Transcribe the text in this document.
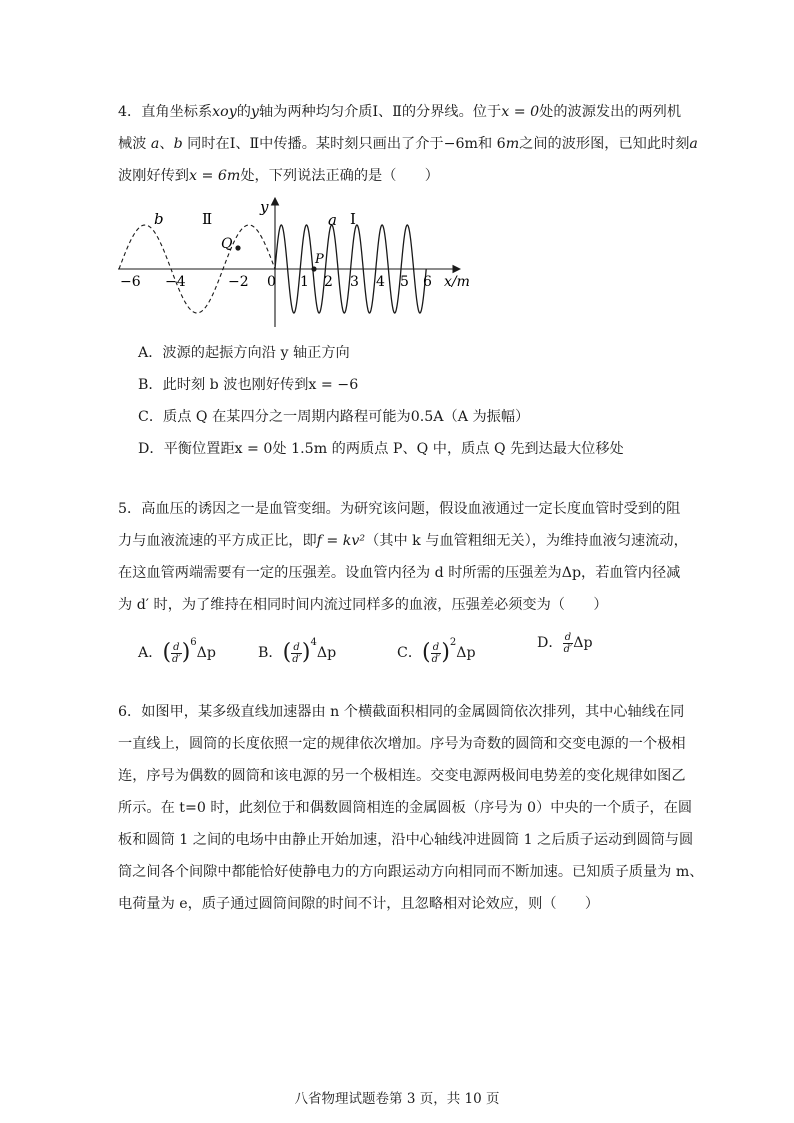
4．直角坐标系xoy的y轴为两种均匀介质Ⅰ、Ⅱ的分界线。位于x = 0处的波源发出的两列机
械波 a、b 同时在Ⅰ、Ⅱ中传播。某时刻只画出了介于−6m和 6m之间的波形图，已知此时刻a
波刚好传到x = 6m处，下列说法正确的是（　　）
y
x/m
0
−6 −4	−2	1 2 3 4 5 6
b	Ⅱ	a Ⅰ
Q
P
A．波源的起振方向沿 y 轴正方向
B．此时刻 b 波也刚好传到x = −6
C．质点 Q 在某四分之一周期内路程可能为0.5A（A 为振幅）
D．平衡位置距x = 0处 1.5m 的两质点 P、Q 中，质点 Q 先到达最大位移处
5．高血压的诱因之一是血管变细。为研究该问题，假设血液通过一定长度血管时受到的阻
力与血液流速的平方成正比，即f = kv²（其中 k 与血管粗细无关），为维持血液匀速流动，
在这血管两端需要有一定的压强差。设血管内径为 d 时所需的压强差为Δp，若血管内径减
为 d′ 时，为了维持在相同时间内流过同样多的血液，压强差必须变为（　　）
A．( $\frac{d}{d'} )^6\Delta p$	B．( $\frac{d}{d'} )^4\Delta p$	C．( $\frac{d}{d'} )^2\Delta p$
D． $\frac{d}{d'}$ Δp
6．如图甲，某多级直线加速器由 n 个横截面积相同的金属圆筒依次排列，其中心轴线在同
一直线上，圆筒的长度依照一定的规律依次增加。序号为奇数的圆筒和交变电源的一个极相
连，序号为偶数的圆筒和该电源的另一个极相连。交变电源两极间电势差的变化规律如图乙
所示。在 t=0 时，此刻位于和偶数圆筒相连的金属圆板（序号为 0）中央的一个质子，在圆
板和圆筒 1 之间的电场中由静止开始加速，沿中心轴线冲进圆筒 1 之后质子运动到圆筒与圆
筒之间各个间隙中都能恰好使静电力的方向跟运动方向相同而不断加速。已知质子质量为 m、
电荷量为 e，质子通过圆筒间隙的时间不计，且忽略相对论效应，则（　　）
八省物理试题卷第 3 页，共 10 页
